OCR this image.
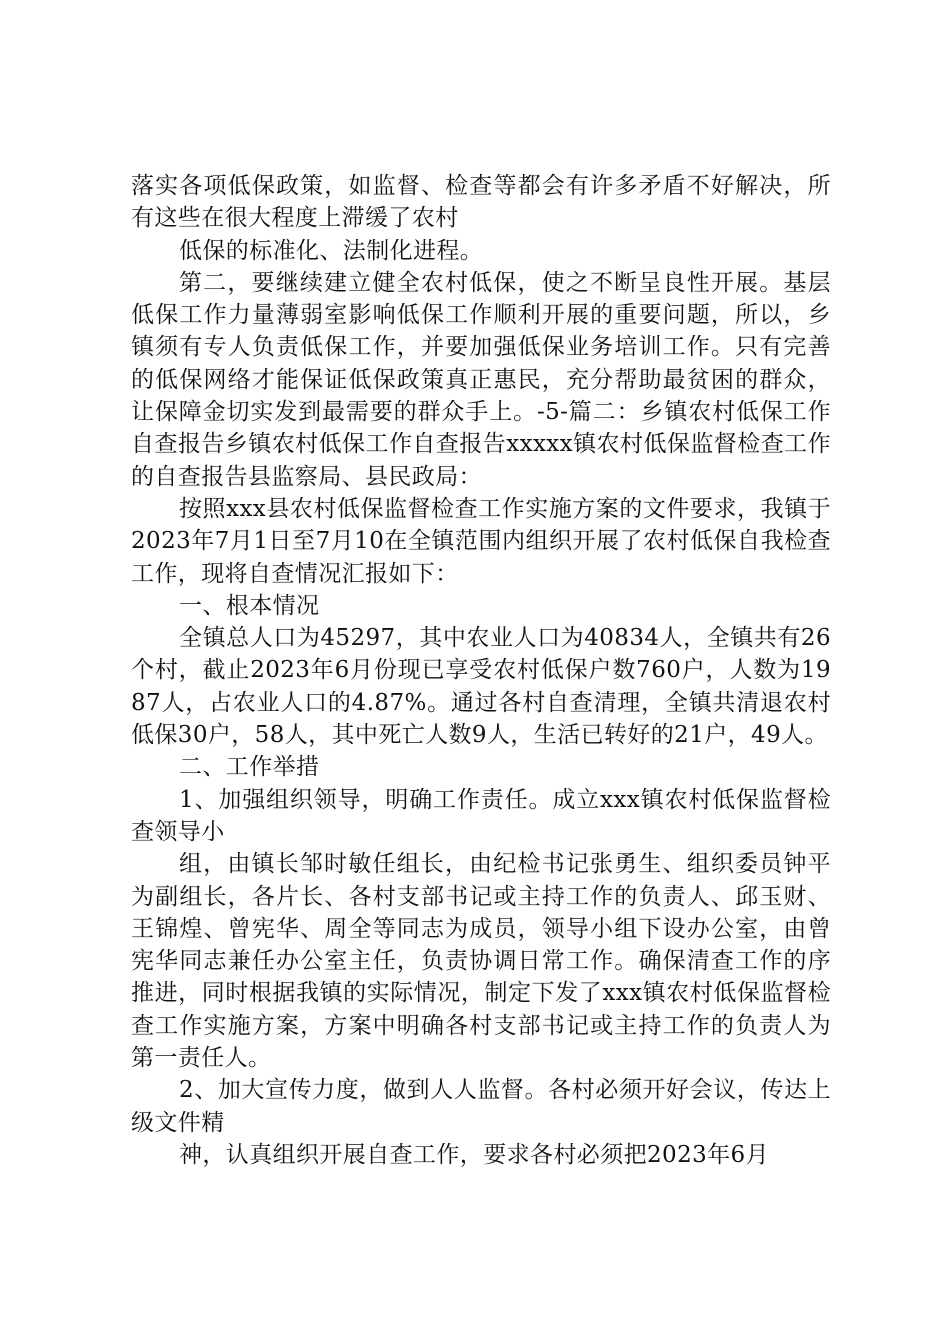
落实各项低保政策，如监督、检查等都会有许多矛盾不好解决，所有这些在很大程度上滞缓了农村

低保的标准化、法制化进程。

第二，要继续建立健全农村低保，使之不断呈良性开展。基层低保工作力量薄弱室影响低保工作顺利开展的重要问题，所以，乡镇须有专人负责低保工作，并要加强低保业务培训工作。只有完善的低保网络才能保证低保政策真正惠民，充分帮助最贫困的群众，让保障金切实发到最需要的群众手上。-5-篇二：乡镇农村低保工作自查报告乡镇农村低保工作自查报告xxxxx镇农村低保监督检查工作的自查报告县监察局、县民政局：

按照xxx县农村低保监督检查工作实施方案的文件要求，我镇于2023年7月1日至7月10在全镇范围内组织开展了农村低保自我检查工作，现将自查情况汇报如下：

一、根本情况

全镇总人口为45297，其中农业人口为40834人，全镇共有26个村，截止2023年6月份现已享受农村低保户数760户，人数为1987人，占农业人口的4.87%。通过各村自查清理，全镇共清退农村低保30户，58人，其中死亡人数9人，生活已转好的21户，49人。

二、工作举措

1、加强组织领导，明确工作责任。成立xxx镇农村低保监督检查领导小

组，由镇长邹时敏任组长，由纪检书记张勇生、组织委员钟平为副组长，各片长、各村支部书记或主持工作的负责人、邱玉财、王锦煌、曾宪华、周全等同志为成员，领导小组下设办公室，由曾宪华同志兼任办公室主任，负责协调日常工作。确保清查工作的序推进，同时根据我镇的实际情况，制定下发了xxx镇农村低保监督检查工作实施方案，方案中明确各村支部书记或主持工作的负责人为第一责任人。

2、加大宣传力度，做到人人监督。各村必须开好会议，传达上级文件精

神，认真组织开展自查工作，要求各村必须把2023年6月
